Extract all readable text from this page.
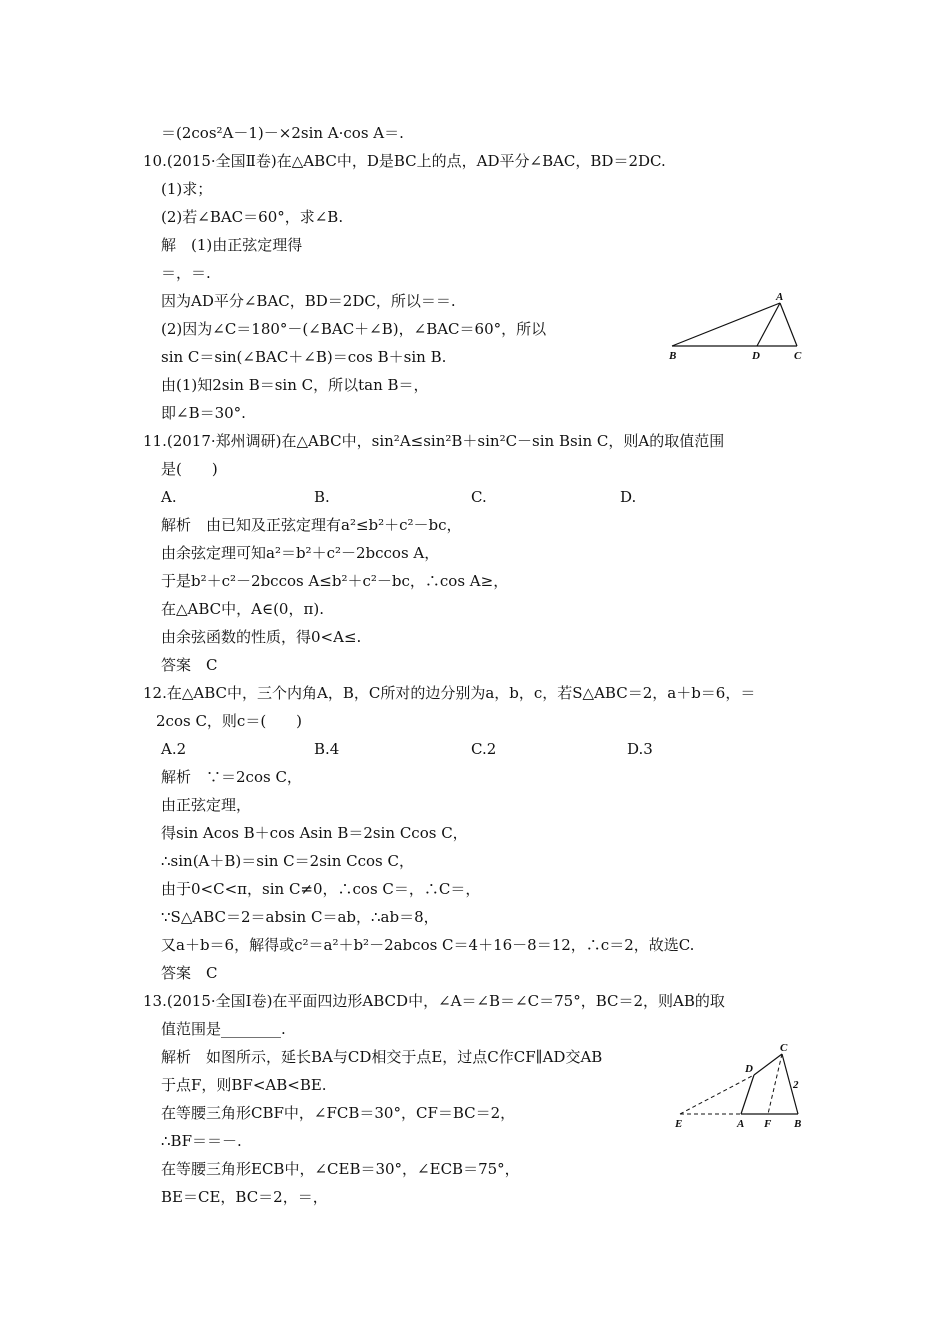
＝(2cos²A－1)－×2sin A·cos A＝.
10.(2015·全国Ⅱ卷)在△ABC中，D是BC上的点，AD平分∠BAC，BD＝2DC.
(1)求；
(2)若∠BAC＝60°，求∠B.
解　(1)由正弦定理得
＝，＝.
因为AD平分∠BAC，BD＝2DC，所以＝＝.
(2)因为∠C＝180°－(∠BAC＋∠B)，∠BAC＝60°，所以
sin C＝sin(∠BAC＋∠B)＝cos B＋sin B.
由(1)知2sin B＝sin C，所以tan B＝，
即∠B＝30°.
11.(2017·郑州调研)在△ABC中，sin²A≤sin²B＋sin²C－sin Bsin C，则A的取值范围
是(　　)
A.	B.	C.	D.
解析　由已知及正弦定理有a²≤b²＋c²－bc，
由余弦定理可知a²＝b²＋c²－2bccos A，
于是b²＋c²－2bccos A≤b²＋c²－bc，∴cos A≥，
在△ABC中，A∈(0，π).
由余弦函数的性质，得0<A≤.
答案　C
12.在△ABC中，三个内角A，B，C所对的边分别为a，b，c，若S△ABC＝2，a＋b＝6，＝
2cos C，则c＝(　　)
A.2	B.4	C.2	D.3
解析　∵＝2cos C，
由正弦定理，
得sin Acos B＋cos Asin B＝2sin Ccos C，
∴sin(A＋B)＝sin C＝2sin Ccos C，
由于0<C<π，sin C≠0，∴cos C＝，∴C＝，
∵S△ABC＝2＝absin C＝ab，∴ab＝8，
又a＋b＝6，解得或c²＝a²＋b²－2abcos C＝4＋16－8＝12，∴c＝2，故选C.
答案　C
13.(2015·全国Ⅰ卷)在平面四边形ABCD中，∠A＝∠B＝∠C＝75°，BC＝2，则AB的取
值范围是________.
解析　如图所示，延长BA与CD相交于点E，过点C作CF∥AD交AB
于点F，则BF<AB<BE.
在等腰三角形CBF中，∠FCB＝30°，CF＝BC＝2，
∴BF＝＝－.
在等腰三角形ECB中，∠CEB＝30°，∠ECB＝75°，
BE＝CE，BC＝2，＝，
A
B	D	C
C
D
2
E	A F B
